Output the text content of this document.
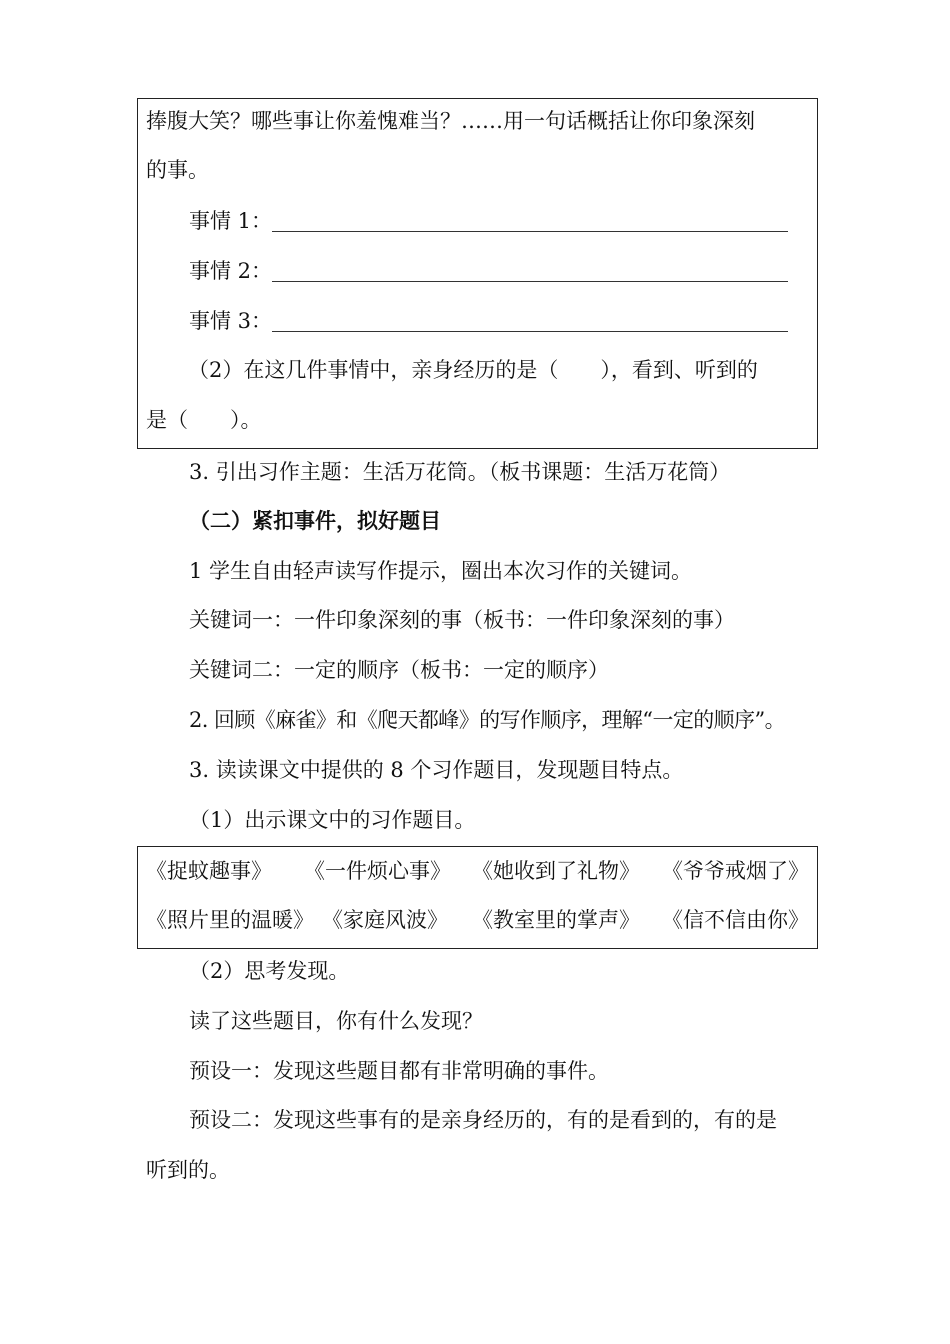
捧腹大笑？哪些事让你羞愧难当？……用一句话概括让你印象深刻
的事。
事情 1：
事情 2：
事情 3：
（2）在这几件事情中，亲身经历的是（　　），看到、听到的
是（　　）。
3. 引出习作主题：生活万花筒。（板书课题：生活万花筒）
（二）紧扣事件，拟好题目
1 学生自由轻声读写作提示，圈出本次习作的关键词。
关键词一：一件印象深刻的事（板书：一件印象深刻的事）
关键词二：一定的顺序（板书：一定的顺序）
2. 回顾《麻雀》和《爬天都峰》的写作顺序，理解“一定的顺序”。
3. 读读课文中提供的 8 个习作题目，发现题目特点。
（1）出示课文中的习作题目。
《捉蚊趣事》 《一件烦心事》 《她收到了礼物》 《爷爷戒烟了》
《照片里的温暖》 《家庭风波》 《教室里的掌声》 《信不信由你》
（2）思考发现。
读了这些题目，你有什么发现？
预设一：发现这些题目都有非常明确的事件。
预设二：发现这些事有的是亲身经历的，有的是看到的，有的是
听到的。
